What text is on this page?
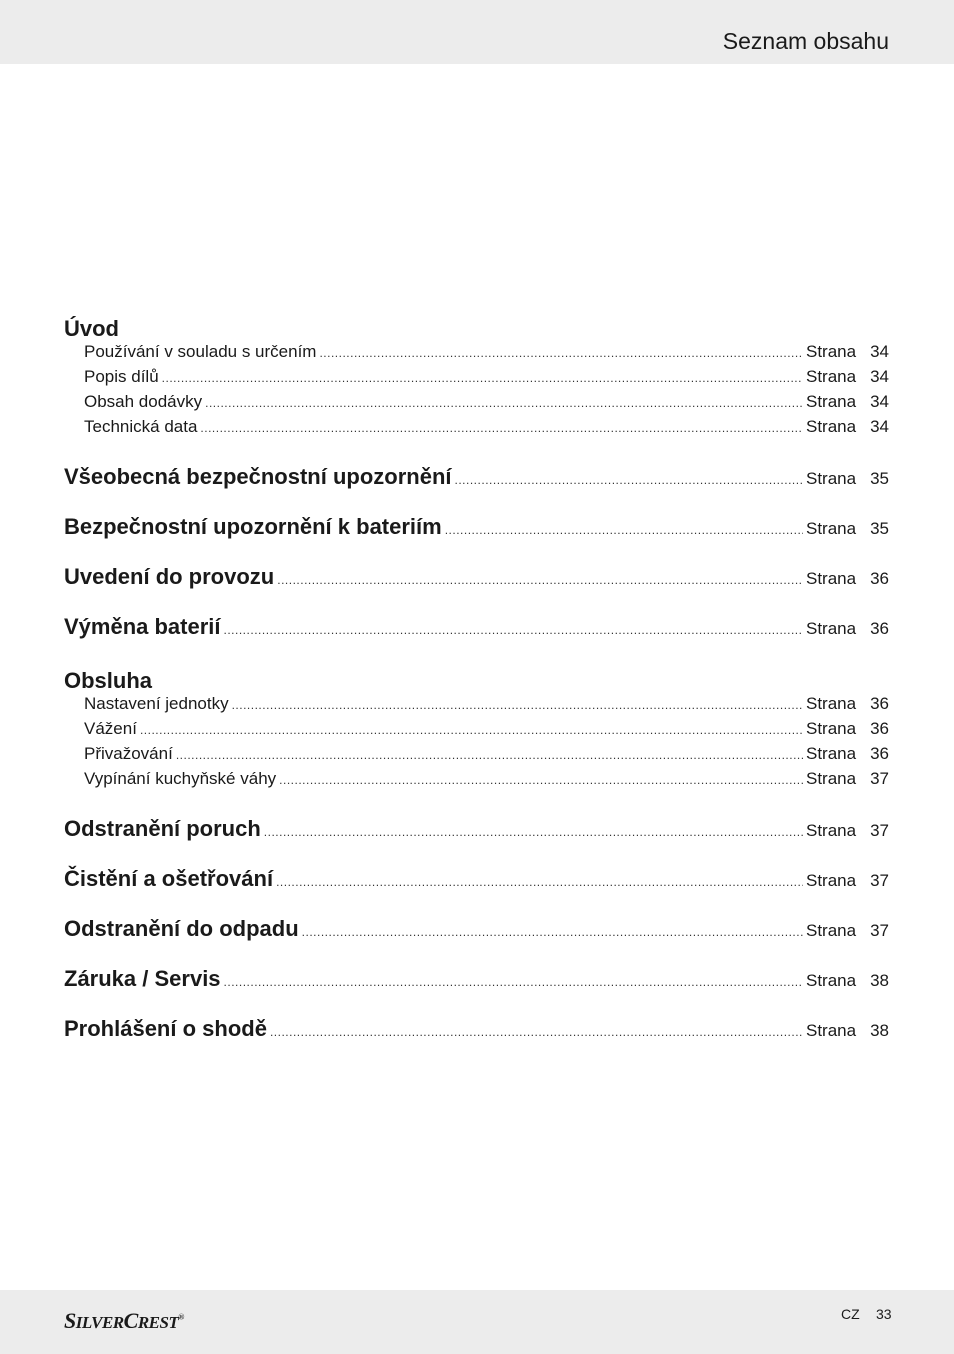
Seznam obsahu
Úvod
Používání v souladu s určením .....	Strana 34
Popis dílů .....	Strana 34
Obsah dodávky .....	Strana 34
Technická data .....	Strana 34
Všeobecná bezpečnostní upozornění .....	Strana 35
Bezpečnostní upozornění k bateriím .....	Strana 35
Uvedení do provozu .....	Strana 36
Výměna baterií .....	Strana 36
Obsluha
Nastavení jednotky .....	Strana 36
Vážení .....	Strana 36
Přivažování .....	Strana 36
Vypínání kuchyňské váhy .....	Strana 37
Odstranění poruch .....	Strana 37
Čistění a ošetřování .....	Strana 37
Odstranění do odpadu .....	Strana 37
Záruka / Servis .....	Strana 38
Prohlášení o shodě .....	Strana 38
SILVERCREST®	CZ 33
